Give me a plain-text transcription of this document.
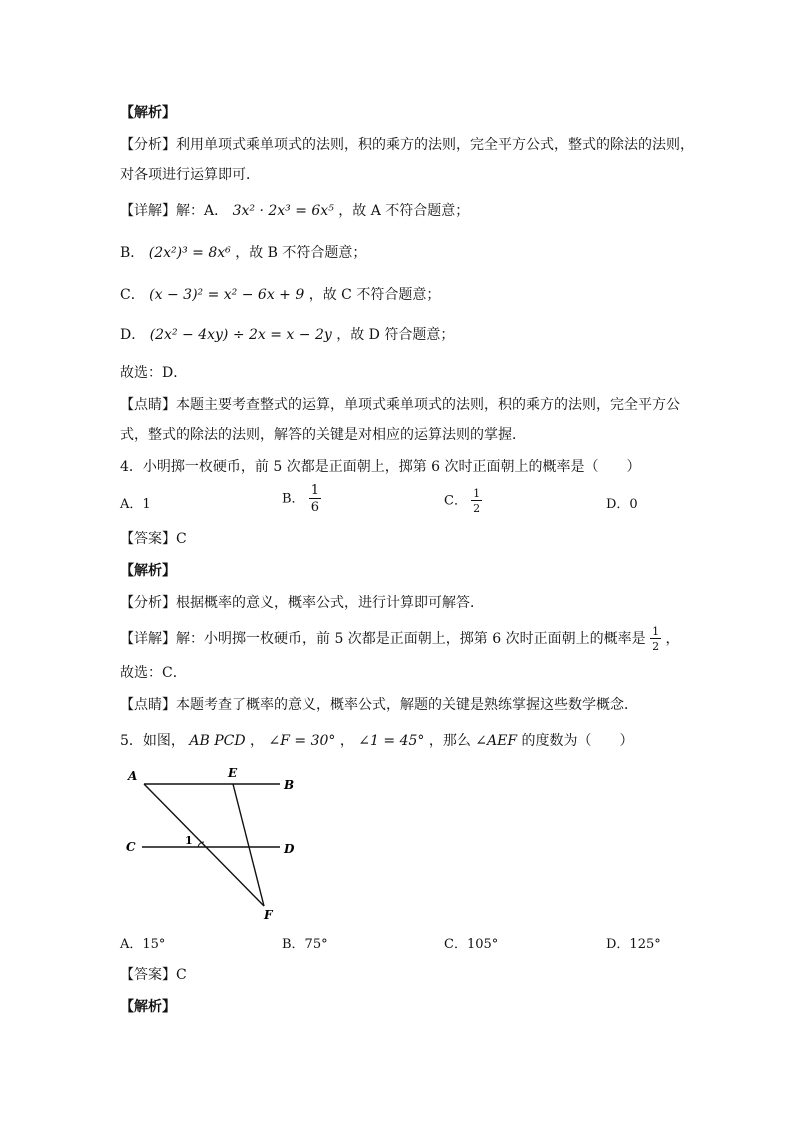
【解析】
【分析】利用单项式乘单项式的法则，积的乘方的法则，完全平方公式，整式的除法的法则，
对各项进行运算即可．
【详解】解：A． 3x² · 2x³ = 6x⁵ ，故 A 不符合题意；
B． (2x²)³ = 8x⁶ ，故 B 不符合题意；
C． (x − 3)² = x² − 6x + 9 ，故 C 不符合题意；
D． (2x² − 4xy) ÷ 2x = x − 2y ，故 D 符合题意；
故选：D．
【点睛】本题主要考查整式的运算，单项式乘单项式的法则，积的乘方的法则，完全平方公
式，整式的除法的法则，解答的关键是对相应的运算法则的掌握．
4．小明掷一枚硬币，前 5 次都是正面朝上，掷第 6 次时正面朝上的概率是（　　）
A．1	B． $\frac{1}{6}$	C． $\frac{1}{2}$	D．0
【答案】C
【解析】
【分析】根据概率的意义，概率公式，进行计算即可解答．
【详解】解：小明掷一枚硬币，前 5 次都是正面朝上，掷第 6 次时正面朝上的概率是 $\frac{1}{2}$ ，
故选：C．
【点睛】本题考查了概率的意义，概率公式，解题的关键是熟练掌握这些数学概念．
5．如图， AB PCD ， ∠F = 30° ， ∠1 = 45° ，那么 ∠AEF 的度数为（　　）
A	E
B
C	1
D
F
A．15°	B．75°	C．105°	D．125°
【答案】C
【解析】
